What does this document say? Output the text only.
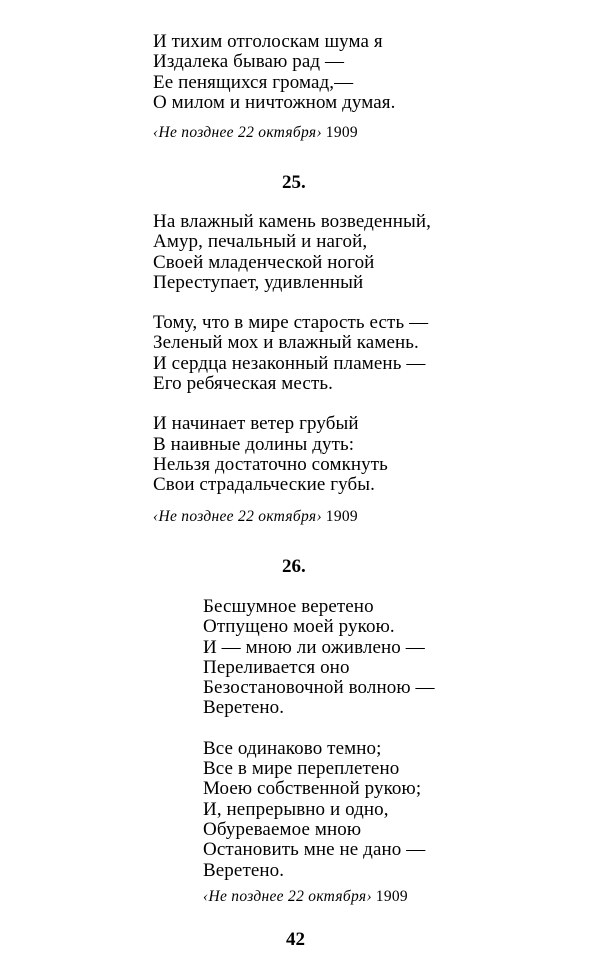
И тихим отголоскам шума я
Издалека бываю рад —
Ее пенящихся громад,—
О милом и ничтожном думая.
‹Не позднее 22 октября› 1909
25.
На влажный камень возведенный,
Амур, печальный и нагой,
Своей младенческой ногой
Переступает, удивленный
Тому, что в мире старость есть —
Зеленый мох и влажный камень.
И сердца незаконный пламень —
Его ребяческая месть.
И начинает ветер грубый
В наивные долины дуть:
Нельзя достаточно сомкнуть
Свои страдальческие губы.
‹Не позднее 22 октября› 1909
26.
Бесшумное веретено
Отпущено моей рукою.
И — мною ли оживлено —
Переливается оно
Безостановочной волною —
Веретено.
Все одинаково темно;
Все в мире переплетено
Моею собственной рукою;
И, непрерывно и одно,
Обуреваемое мною
Остановить мне не дано —
Веретено.
‹Не позднее 22 октября› 1909
42
